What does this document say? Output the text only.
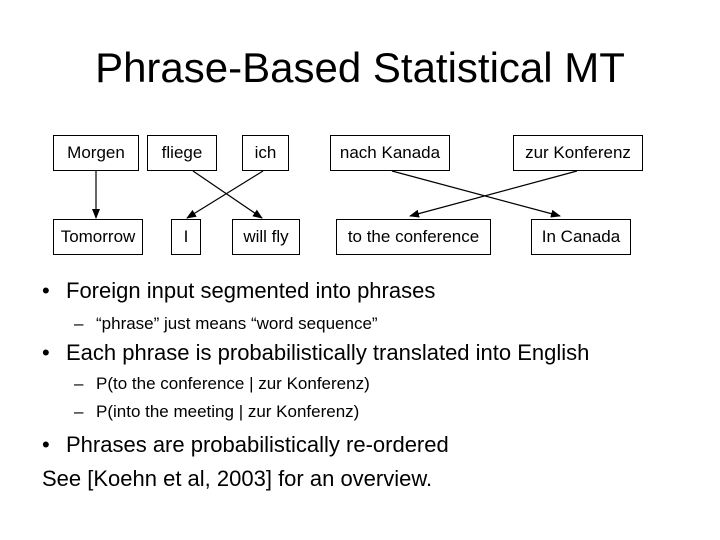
Phrase-Based Statistical MT
Morgen	fliege	ich	nach Kanada	zur Konferenz
Tomorrow	I	will fly	to the conference	In Canada
• Foreign input segmented into phrases
– “phrase” just means “word sequence”
• Each phrase is probabilistically translated into English
– P(to the conference | zur Konferenz)
– P(into the meeting | zur Konferenz)
• Phrases are probabilistically re-ordered
See [Koehn et al, 2003] for an overview.
